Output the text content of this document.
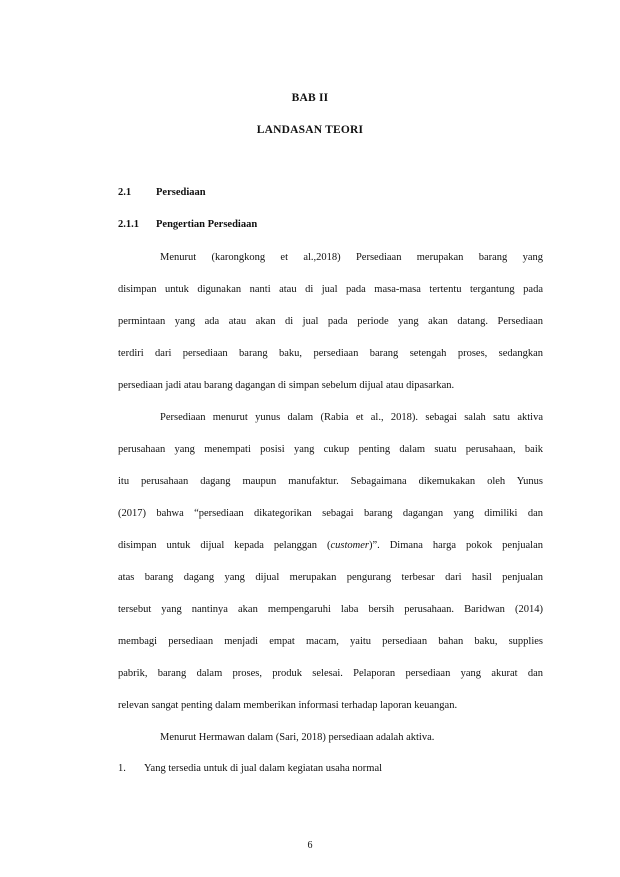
BAB II
LANDASAN TEORI
2.1 Persediaan
2.1.1 Pengertian Persediaan
Menurut (karongkong et al.,2018) Persediaan merupakan barang yang
disimpan untuk digunakan nanti atau di jual pada masa-masa tertentu tergantung pada
permintaan yang ada atau akan di jual pada periode yang akan datang. Persediaan
terdiri dari persediaan barang baku, persediaan barang setengah proses, sedangkan
persediaan jadi atau barang dagangan di simpan sebelum dijual atau dipasarkan.
Persediaan menurut yunus dalam (Rabia et al., 2018). sebagai salah satu aktiva
perusahaan yang menempati posisi yang cukup penting dalam suatu perusahaan, baik
itu perusahaan dagang maupun manufaktur. Sebagaimana dikemukakan oleh Yunus
(2017) bahwa “persediaan dikategorikan sebagai barang dagangan yang dimiliki dan
disimpan untuk dijual kepada pelanggan (customer)”. Dimana harga pokok penjualan
atas barang dagang yang dijual merupakan pengurang terbesar dari hasil penjualan
tersebut yang nantinya akan mempengaruhi laba bersih perusahaan. Baridwan (2014)
membagi persediaan menjadi empat macam, yaitu persediaan bahan baku, supplies
pabrik, barang dalam proses, produk selesai. Pelaporan persediaan yang akurat dan
relevan sangat penting dalam memberikan informasi terhadap laporan keuangan.
Menurut Hermawan dalam (Sari, 2018) persediaan adalah aktiva.
1. Yang tersedia untuk di jual dalam kegiatan usaha normal
6
